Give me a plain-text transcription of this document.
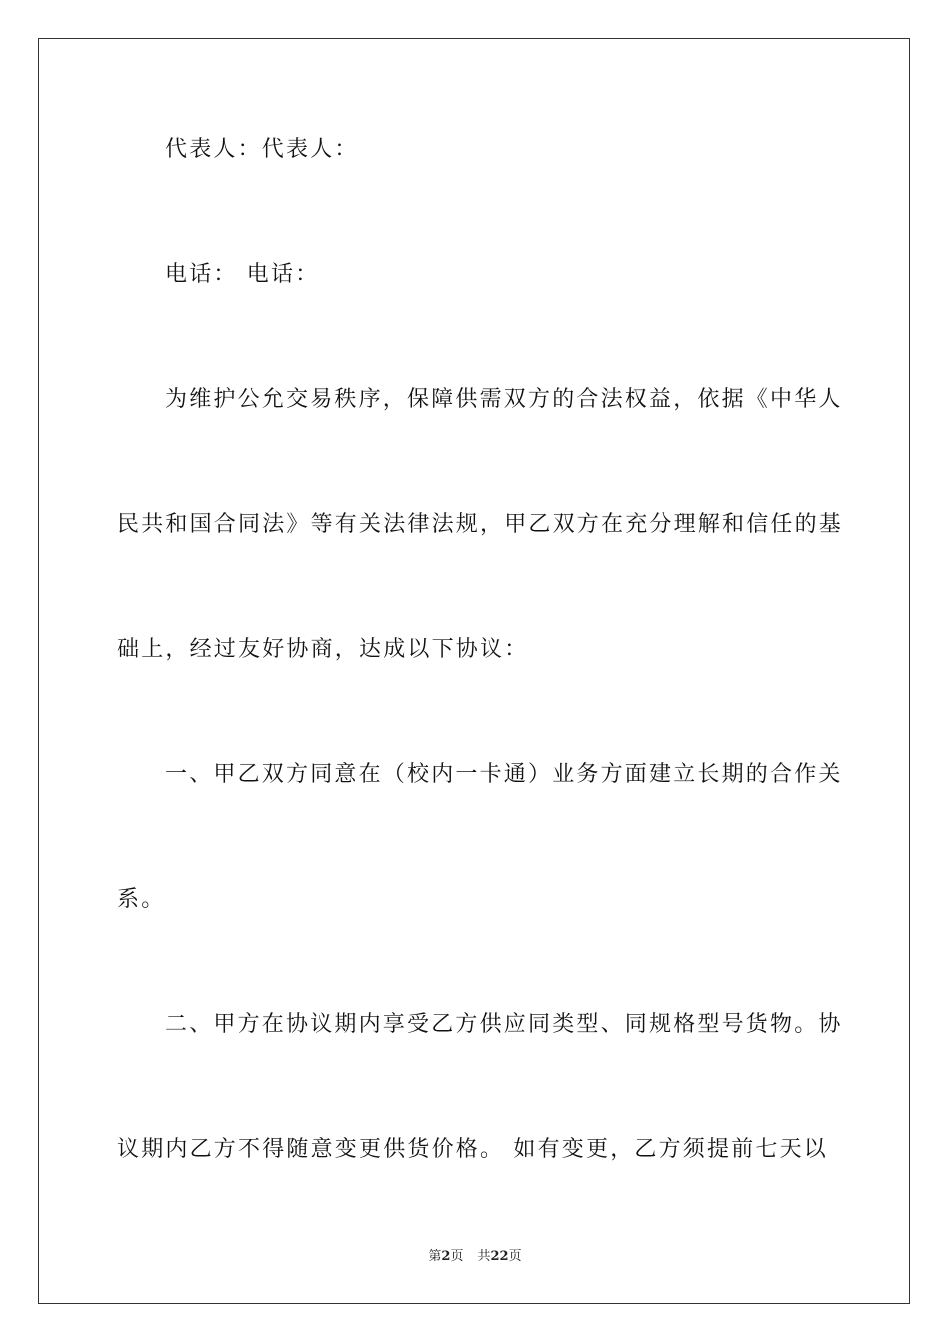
代表人：代表人：
电话： 电话：
为维护公允交易秩序，保障供需双方的合法权益，依据《中华人
民共和国合同法》等有关法律法规，甲乙双方在充分理解和信任的基
础上，经过友好协商，达成以下协议：
一、甲乙双方同意在（校内一卡通）业务方面建立长期的合作关
系。
二、甲方在协议期内享受乙方供应同类型、同规格型号货物。协
议期内乙方不得随意变更供货价格。 如有变更，乙方须提前七天以
第2页 共22页
